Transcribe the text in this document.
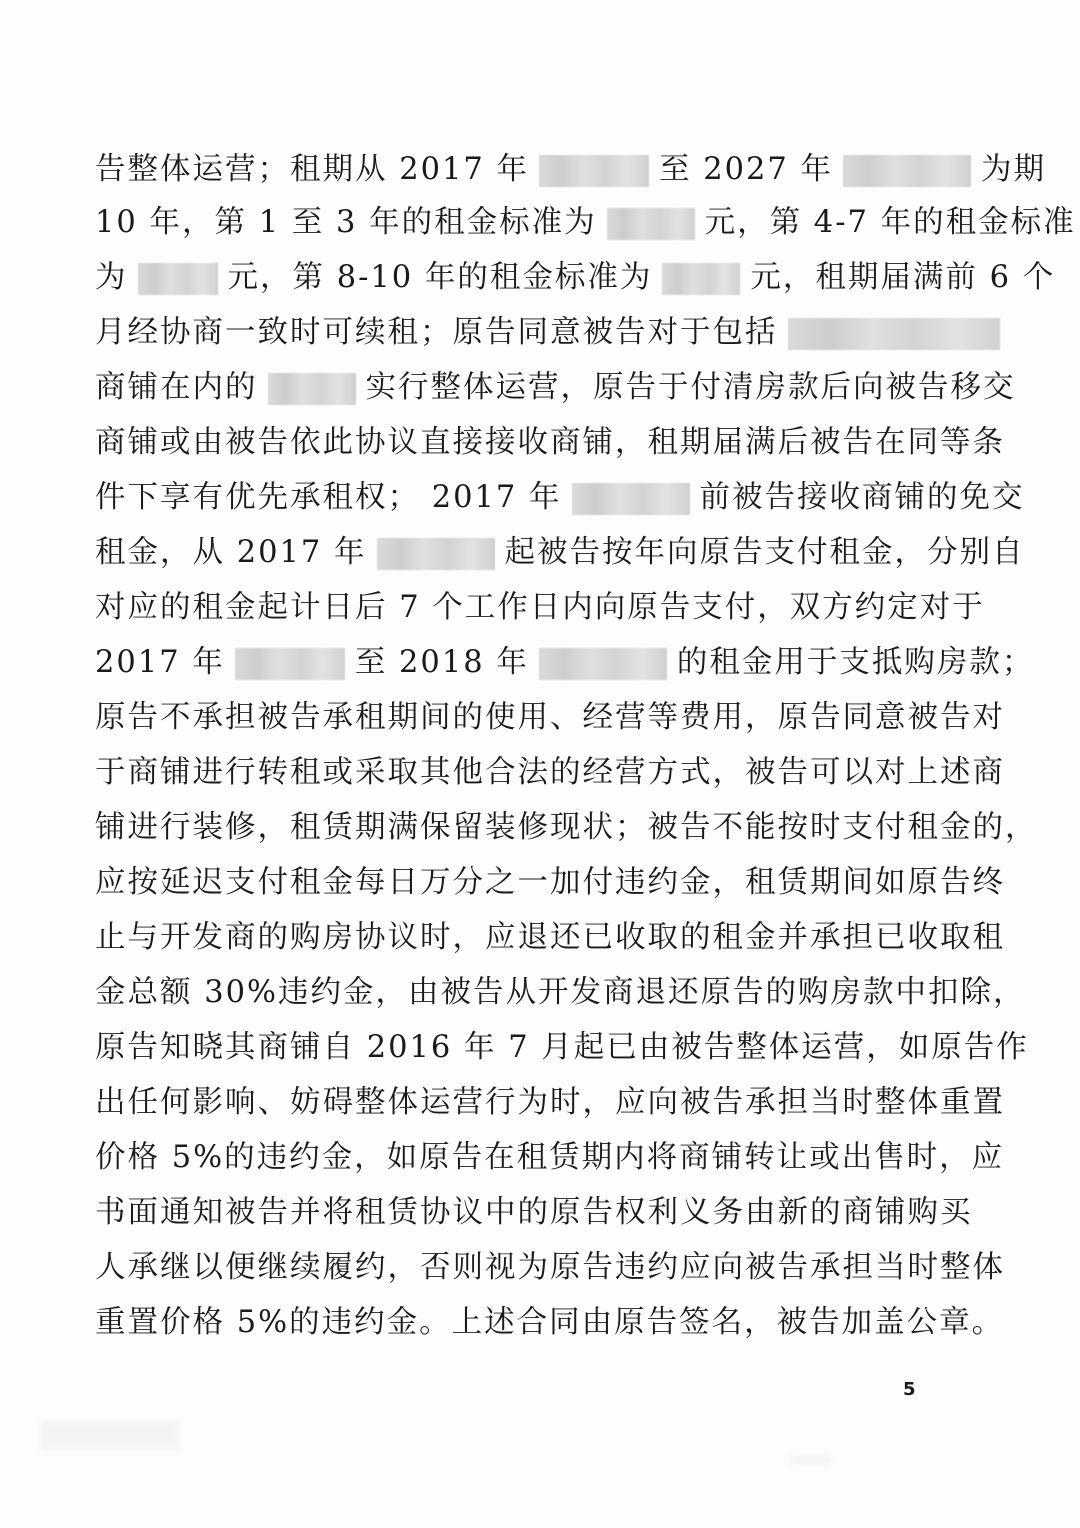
告整体运营；租期从 2017 年	至 2027 年	为期
10 年，第 1 至 3 年的租金标准为	元，第 4-7 年的租金标准
为	元，第 8-10 年的租金标准为	元，租期届满前 6 个
月经协商一致时可续租；原告同意被告对于包括
商铺在内的	实行整体运营，原告于付清房款后向被告移交
商铺或由被告依此协议直接接收商铺，租期届满后被告在同等条
件下享有优先承租权； 2017 年	前被告接收商铺的免交
租金，从 2017 年	起被告按年向原告支付租金，分别自
对应的租金起计日后 7 个工作日内向原告支付，双方约定对于
2017 年	至 2018 年	的租金用于支抵购房款；
原告不承担被告承租期间的使用、经营等费用，原告同意被告对
于商铺进行转租或采取其他合法的经营方式，被告可以对上述商
铺进行装修，租赁期满保留装修现状；被告不能按时支付租金的，
应按延迟支付租金每日万分之一加付违约金，租赁期间如原告终
止与开发商的购房协议时，应退还已收取的租金并承担已收取租
金总额 30%违约金，由被告从开发商退还原告的购房款中扣除，
原告知晓其商铺自 2016 年 7 月起已由被告整体运营，如原告作
出任何影响、妨碍整体运营行为时，应向被告承担当时整体重置
价格 5%的违约金，如原告在租赁期内将商铺转让或出售时，应
书面通知被告并将租赁协议中的原告权利义务由新的商铺购买
人承继以便继续履约，否则视为原告违约应向被告承担当时整体
重置价格 5%的违约金。上述合同由原告签名，被告加盖公章。
5
